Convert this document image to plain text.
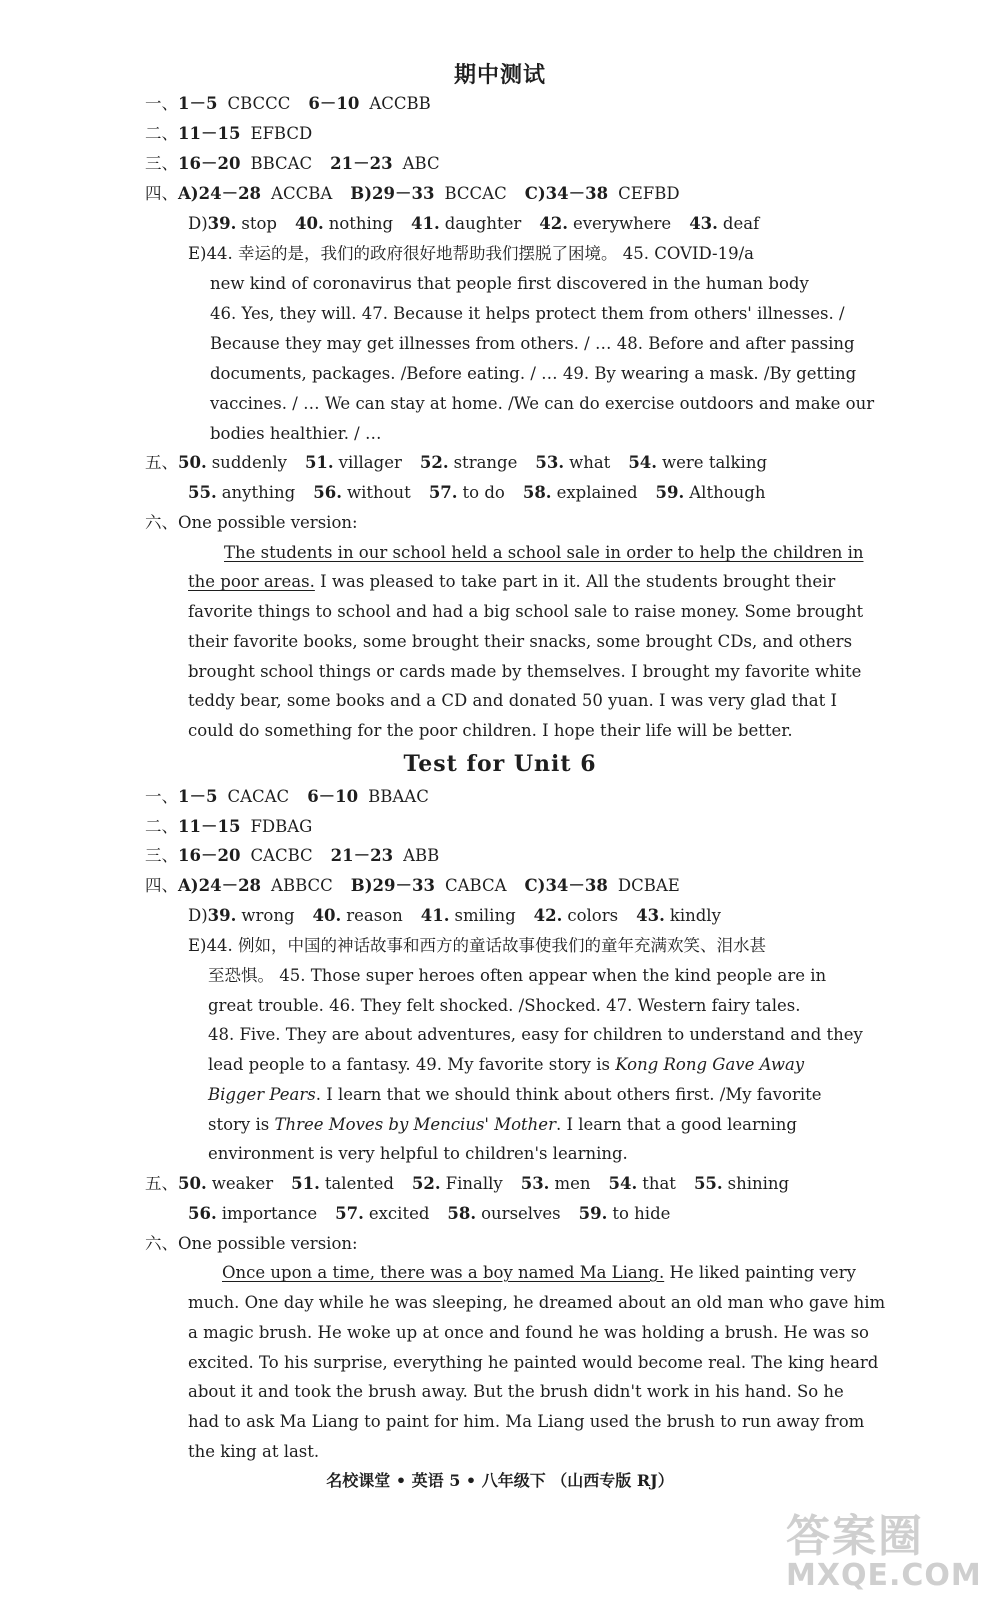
期中测试
一、1－5 CBCCC 6－10 ACCBB
二、11－15 EFBCD
三、16－20 BBCAC 21－23 ABC
四、A)24－28 ACCBA B)29－33 BCCAC C)34－38 CEFBD
D)39. stop 40. nothing 41. daughter 42. everywhere 43. deaf
E)44. 幸运的是，我们的政府很好地帮助我们摆脱了困境。 45. COVID-19/a
new kind of coronavirus that people first discovered in the human body
46. Yes, they will. 47. Because it helps protect them from others' illnesses. /
Because they may get illnesses from others. / … 48. Before and after passing
documents, packages. /Before eating. / … 49. By wearing a mask. /By getting
vaccines. / … We can stay at home. /We can do exercise outdoors and make our
bodies healthier. / …
五、50. suddenly 51. villager 52. strange 53. what 54. were talking
55. anything 56. without 57. to do 58. explained 59. Although
六、One possible version:
The students in our school held a school sale in order to help the children in
the poor areas. I was pleased to take part in it. All the students brought their
favorite things to school and had a big school sale to raise money. Some brought
their favorite books, some brought their snacks, some brought CDs, and others
brought school things or cards made by themselves. I brought my favorite white
teddy bear, some books and a CD and donated 50 yuan. I was very glad that I
could do something for the poor children. I hope their life will be better.
Test for Unit 6
一、1－5 CACAC 6－10 BBAAC
二、11－15 FDBAG
三、16－20 CACBC 21－23 ABB
四、A)24－28 ABBCC B)29－33 CABCA C)34－38 DCBAE
D)39. wrong 40. reason 41. smiling 42. colors 43. kindly
E)44. 例如，中国的神话故事和西方的童话故事使我们的童年充满欢笑、泪水甚
至恐惧。 45. Those super heroes often appear when the kind people are in
great trouble. 46. They felt shocked. /Shocked. 47. Western fairy tales.
48. Five. They are about adventures, easy for children to understand and they
lead people to a fantasy. 49. My favorite story is Kong Rong Gave Away
Bigger Pears. I learn that we should think about others first. /My favorite
story is Three Moves by Mencius' Mother. I learn that a good learning
environment is very helpful to children's learning.
五、50. weaker 51. talented 52. Finally 53. men 54. that 55. shining
56. importance 57. excited 58. ourselves 59. to hide
六、One possible version:
Once upon a time, there was a boy named Ma Liang. He liked painting very
much. One day while he was sleeping, he dreamed about an old man who gave him
a magic brush. He woke up at once and found he was holding a brush. He was so
excited. To his surprise, everything he painted would become real. The king heard
about it and took the brush away. But the brush didn't work in his hand. So he
had to ask Ma Liang to paint for him. Ma Liang used the brush to run away from
the king at last.
名校课堂 • 英语 5 • 八年级下 （山西专版 RJ）
答案圈
MXQE.COM
